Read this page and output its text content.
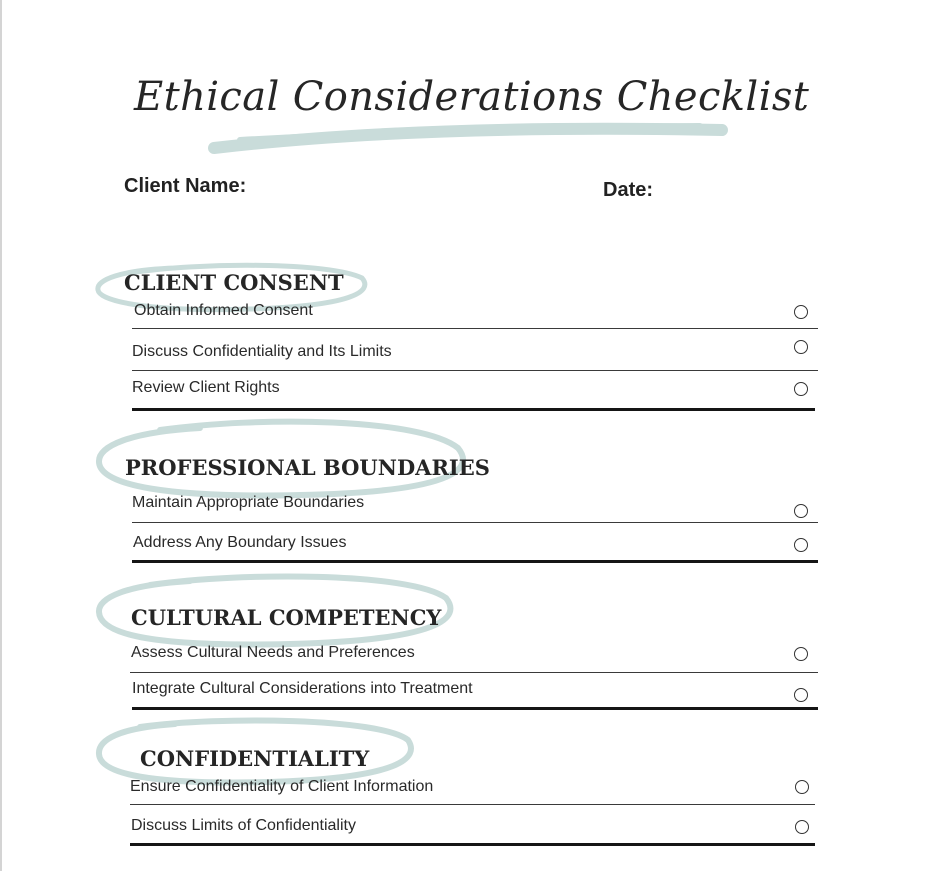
Ethical Considerations Checklist
Client Name:	Date:
CLIENT CONSENT
Obtain Informed Consent
Discuss Confidentiality and Its Limits
Review Client Rights
PROFESSIONAL BOUNDARIES
Maintain Appropriate Boundaries
Address Any Boundary Issues
CULTURAL COMPETENCY
Assess Cultural Needs and Preferences
Integrate Cultural Considerations into Treatment
CONFIDENTIALITY
Ensure Confidentiality of Client Information
Discuss Limits of Confidentiality
